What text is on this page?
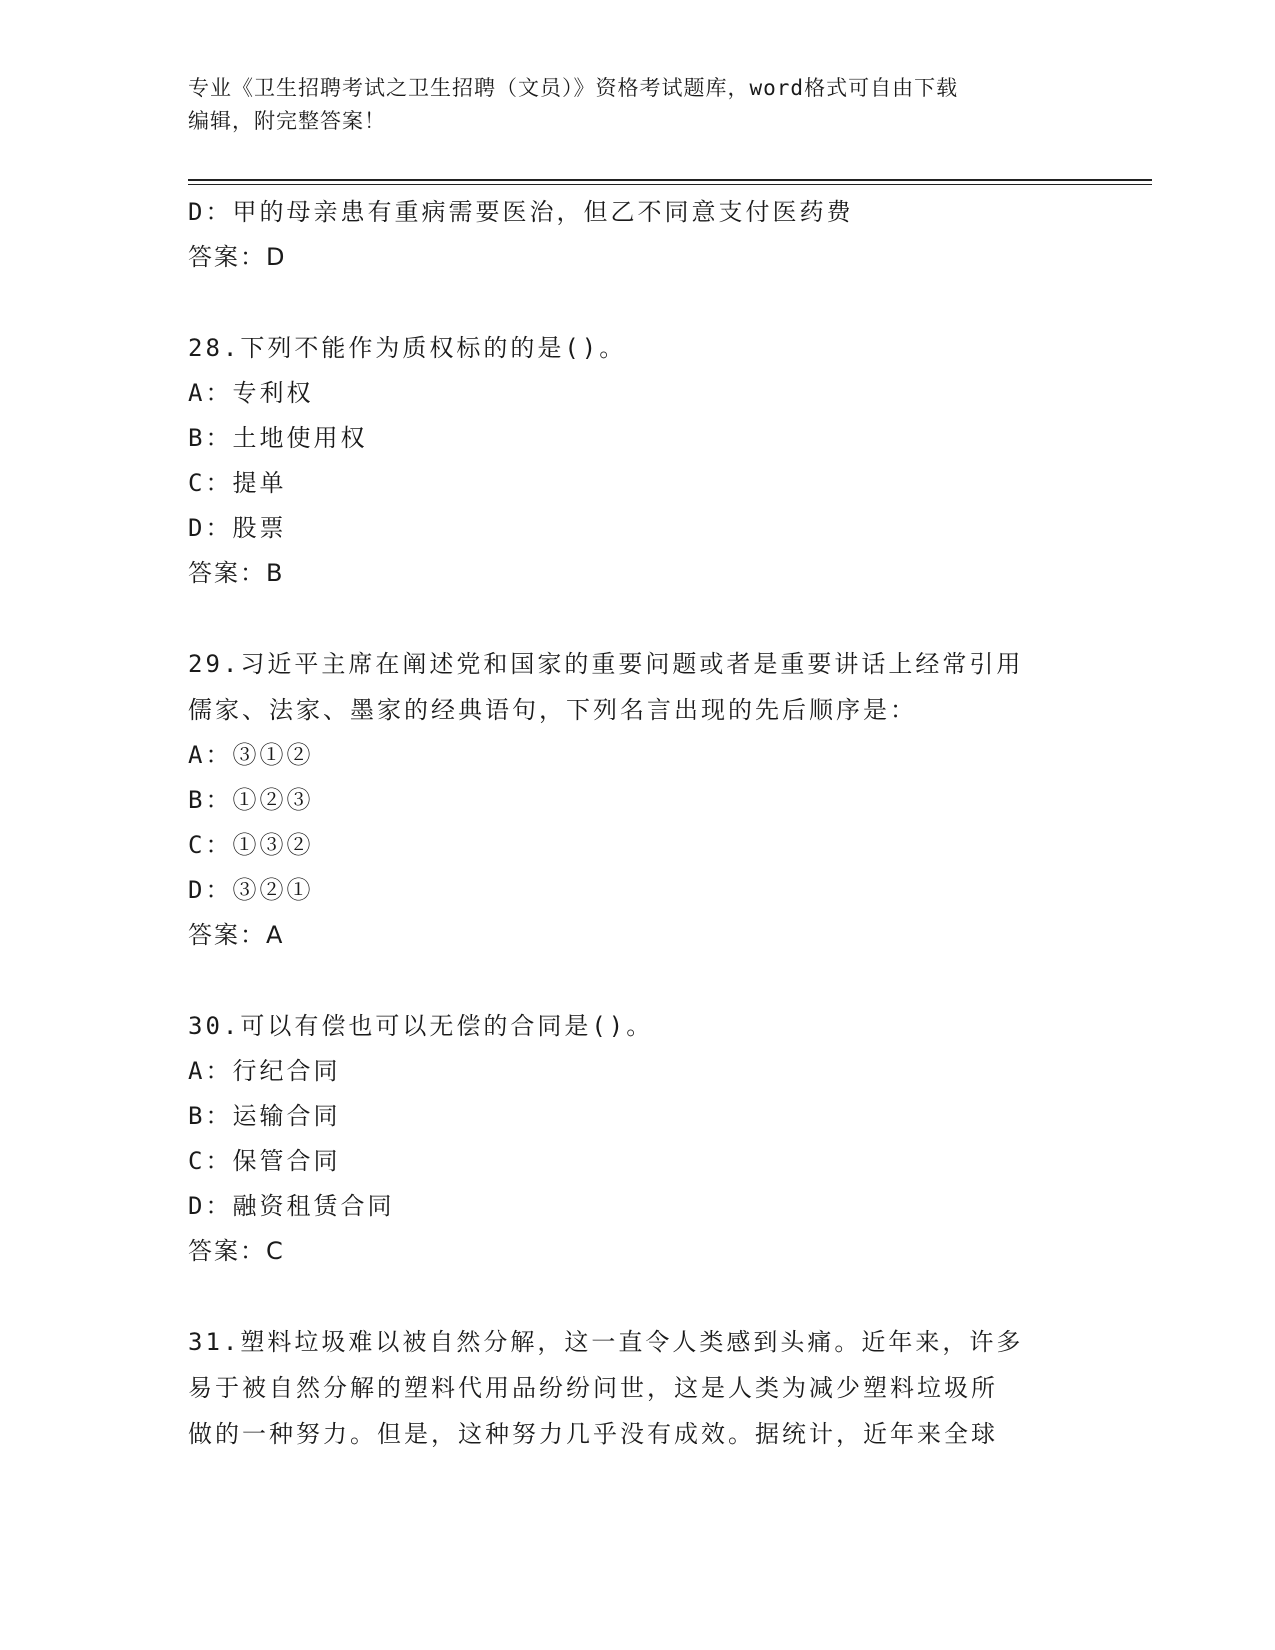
专业《卫生招聘考试之卫生招聘（文员）》资格考试题库，word格式可自由下载
编辑，附完整答案！
D：甲的母亲患有重病需要医治，但乙不同意支付医药费
答案：D
28.下列不能作为质权标的的是()。
A：专利权
B：土地使用权
C：提单
D：股票
答案：B
29.习近平主席在阐述党和国家的重要问题或者是重要讲话上经常引用
儒家、法家、墨家的经典语句，下列名言出现的先后顺序是：
A：③①②
B：①②③
C：①③②
D：③②①
答案：A
30.可以有偿也可以无偿的合同是()。
A：行纪合同
B：运输合同
C：保管合同
D：融资租赁合同
答案：C
31.塑料垃圾难以被自然分解，这一直令人类感到头痛。近年来，许多
易于被自然分解的塑料代用品纷纷问世，这是人类为减少塑料垃圾所
做的一种努力。但是，这种努力几乎没有成效。据统计，近年来全球
